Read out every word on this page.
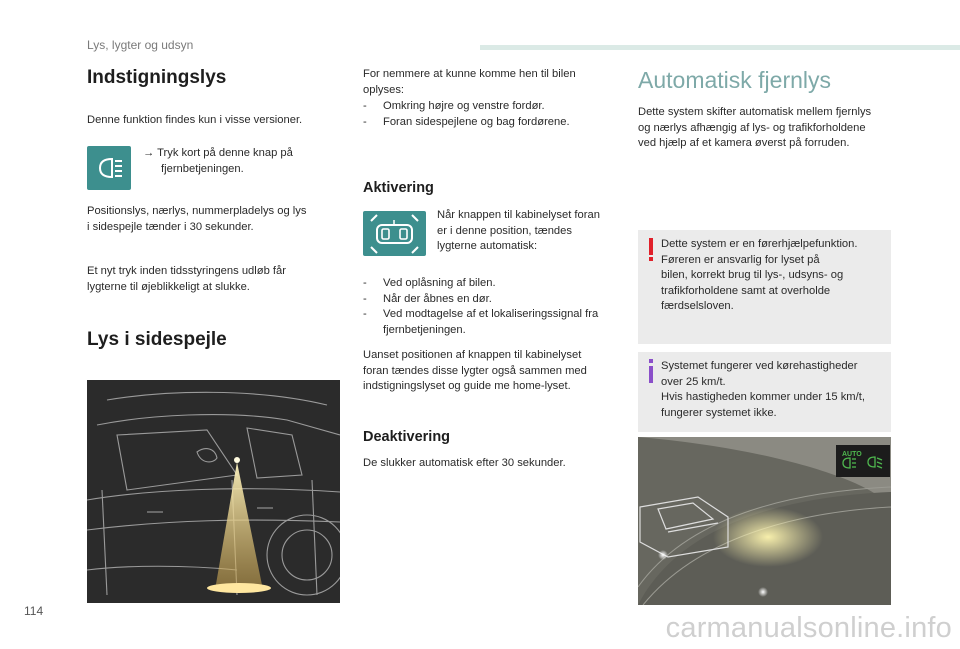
Lys, lygter og udsyn
Indstigningslys
Denne funktion findes kun i visse versioner.
→ Tryk kort på denne knap på
fjernbetjeningen.
Positionslys, nærlys, nummerpladelys og lys
i sidespejle tænder i 30 sekunder.
Et nyt tryk inden tidsstyringens udløb får
lygterne til øjeblikkeligt at slukke.
Lys i sidespejle
For nemmere at kunne komme hen til bilen
oplyses:
- Omkring højre og venstre fordør.
- Foran sidespejlene og bag fordørene.
Aktivering
Når knappen til kabinelyset foran
er i denne position, tændes
lygterne automatisk:
- Ved oplåsning af bilen.
- Når der åbnes en dør.
- Ved modtagelse af et lokaliseringssignal fra
fjernbetjeningen.
Uanset positionen af knappen til kabinelyset
foran tændes disse lygter også sammen med
indstigningslyset og guide me home-lyset.
Deaktivering
De slukker automatisk efter 30 sekunder.
Automatisk fjernlys
Dette system skifter automatisk mellem fjernlys
og nærlys afhængig af lys- og trafikforholdene
ved hjælp af et kamera øverst på forruden.
Dette system er en førerhjælpefunktion.
Føreren er ansvarlig for lyset på
bilen, korrekt brug til lys-, udsyns- og
trafikforholdene samt at overholde
færdselsloven.
Systemet fungerer ved kørehastigheder
over 25 km/t.
Hvis hastigheden kommer under 15 km/t,
fungerer systemet ikke.
AUTO
114
carmanualsonline.info
